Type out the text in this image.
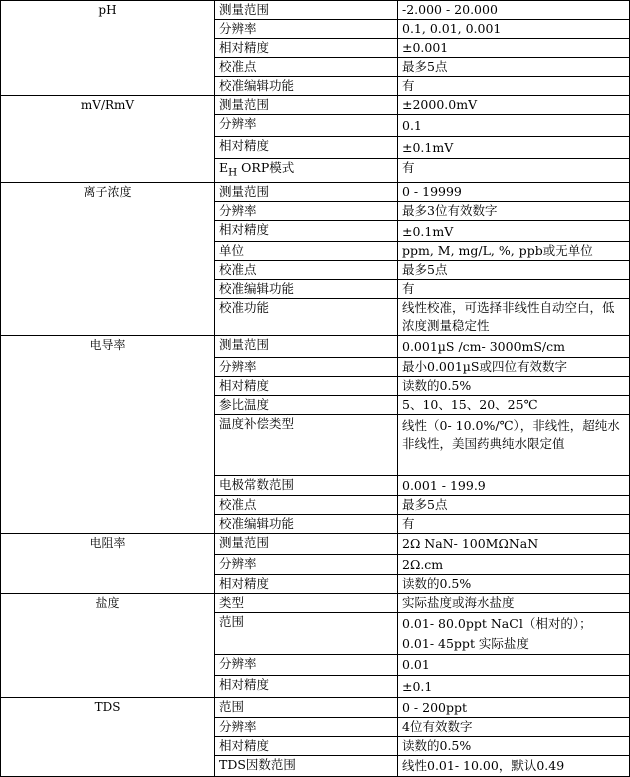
pH	测量范围	-2.000 - 20.000
	分辨率	0.1, 0.01, 0.001
	相对精度	±0.001
	校准点	最多5点
	校准编辑功能	有
mV/RmV	测量范围	±2000.0mV
	分辨率	0.1
	相对精度	±0.1mV
	$E_H$ ORP模式	有
离子浓度	测量范围	0 - 19999
	分辨率	最多3位有效数字
	相对精度	±0.1mV
	单位	ppm, M, mg/L, %, ppb或无单位
	校准点	最多5点
	校准编辑功能	有
	校准功能	线性校准，可选择非线性自动空白，低浓度测量稳定性
电导率	测量范围	0.001µS /cm- 3000mS/cm
	分辨率	最小0.001µS或四位有效数字
	相对精度	读数的0.5%
	参比温度	5、10、15、20、25℃
	温度补偿类型	线性（0- 10.0%/℃），非线性，超纯水非线性，美国药典纯水限定值
	电极常数范围	0.001 - 199.9
	校准点	最多5点
	校准编辑功能	有
电阻率	测量范围	2Ω NaN- 100MΩNaN
	分辨率	2Ω.cm
	相对精度	读数的0.5%
盐度	类型	实际盐度或海水盐度
	范围	0.01- 80.0ppt NaCl（相对的）；
0.01- 45ppt 实际盐度

	分辨率	0.01
	相对精度	±0.1
TDS	范围	0 - 200ppt
	分辨率	4位有效数字
	相对精度	读数的0.5%
	TDS因数范围	线性0.01- 10.00，默认0.49
